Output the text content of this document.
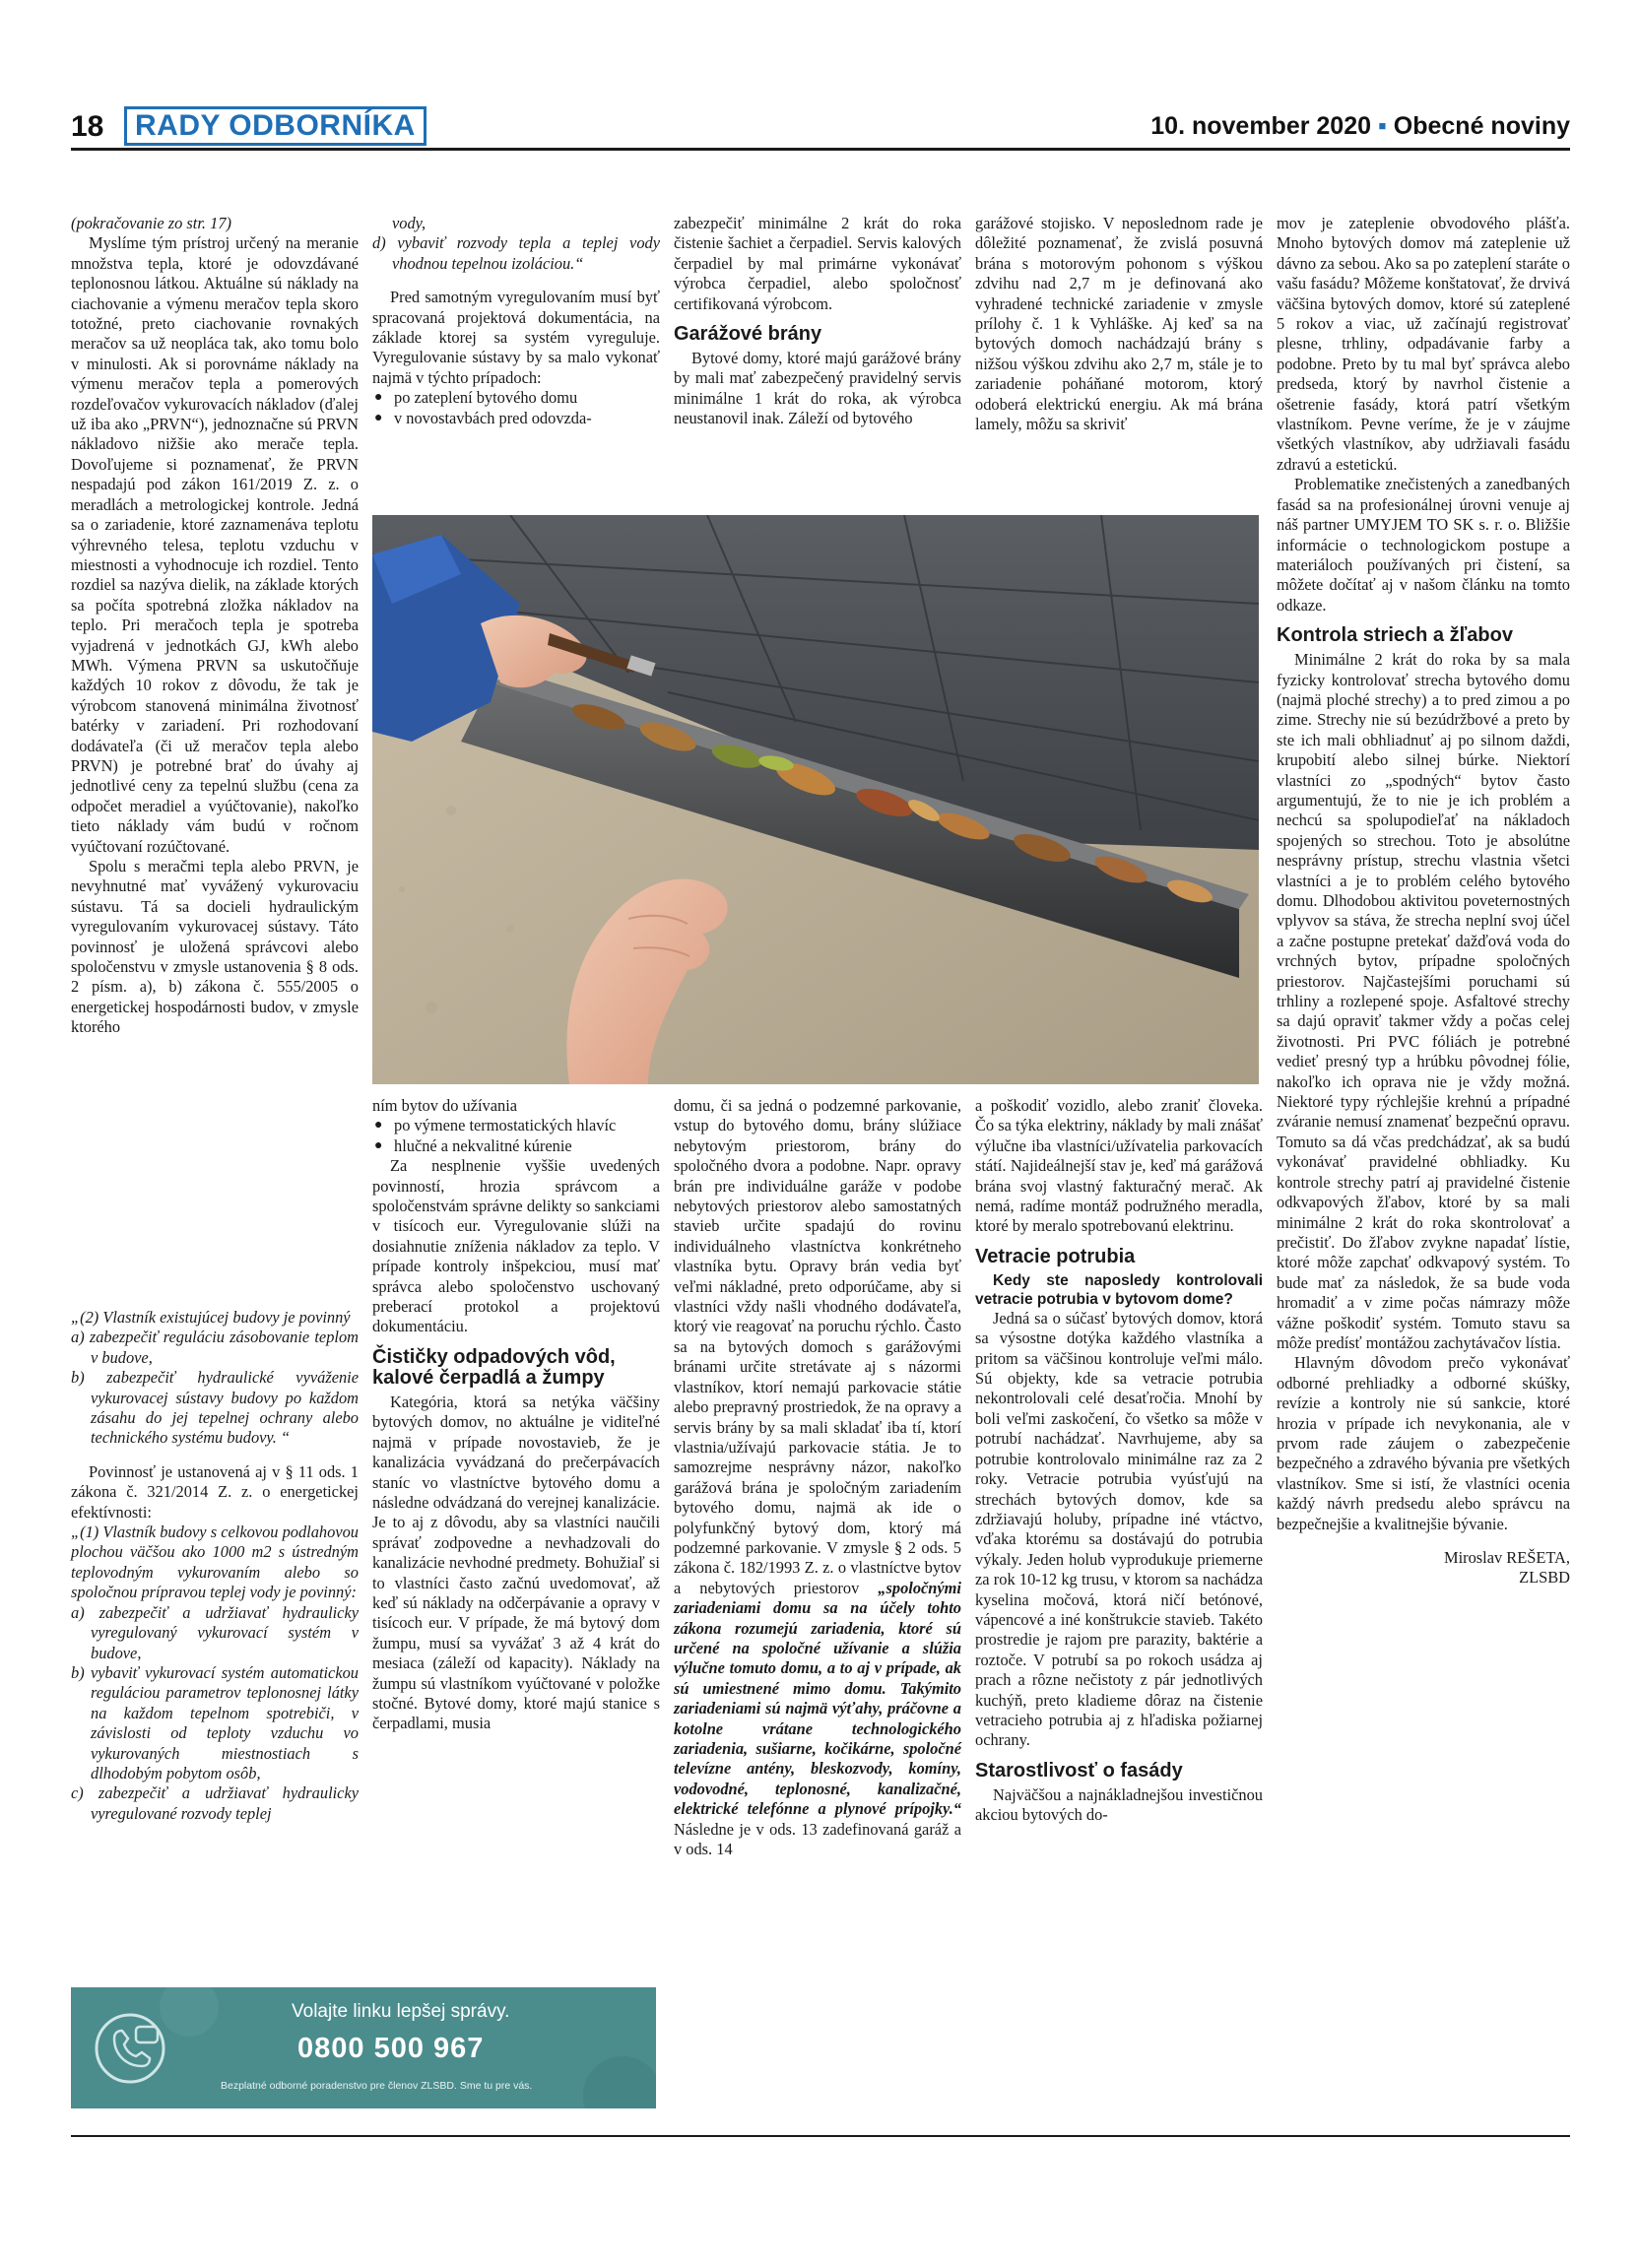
18	RADY ODBORNÍKA	10. november 2020 ▪ Obecné noviny

(pokračovanie zo str. 17)

Myslíme tým prístroj určený na meranie množstva tepla, ktoré je odovzdávané teplonosnou látkou. Aktuálne sú náklady na ciachovanie a výmenu meračov tepla skoro totožné, preto ciachovanie rovnakých meračov sa už neoplácа tak, ako tomu bolo v minulosti. Ak si porovnáme náklady na výmenu meračov tepla a pomerových rozdeľovačov vykurovacích nákladov (ďalej už iba ako „PRVN“), jednoznačne sú PRVN nákladovo nižšie ako merače tepla. Dovoľujeme si poznamenať, že PRVN nespadajú pod zákon 161/2019 Z. z. o meradlách a metrologickej kontrole. Jedná sa o zariadenie, ktoré zaznamenáva teplotu výhrevného telesa, teplotu vzduchu v miestnosti a vyhodnocuje ich rozdiel. Tento rozdiel sa nazýva dielik, na základe ktorých sa počíta spotrebná zložka nákladov na teplo. Pri meračoch tepla je spotreba vyjadrená v jednotkách GJ, kWh alebo MWh. Výmena PRVN sa uskutočňuje každých 10 rokov z dôvodu, že tak je výrobcom stanovená minimálna životnosť batérky v zariadení. Pri rozhodovaní dodávateľa (či už meračov tepla alebo PRVN) je potrebné brať do úvahy aj jednotlivé ceny za tepelnú službu (cena za odpočet meradiel a vyúčtovanie), nakoľko tieto náklady vám budú v ročnom vyúčtovaní rozúčtované.

Spolu s meračmi tepla alebo PRVN, je nevyhnutné mať vyvážený vykurovaciu sústavu. Tá sa docieli hydraulickým vyregulovaním vykurovacej sústavy. Táto povinnosť je uložená správcovi alebo spoločenstvu v zmysle ustanovenia § 8 ods. 2 písm. a), b) zákona č. 555/2005 o energetickej hospodárnosti budov, v zmysle ktorého

„(2) Vlastník existujúcej budovy je povinný

a) zabezpečiť reguláciu zásobovanie teplom v budove,

b) zabezpečiť hydraulické vyváženie vykurovacej sústavy budovy po každom zásahu do jej tepelnej ochrany alebo technického systému budovy. “

Povinnosť je ustanovená aj v § 11 ods. 1 zákona č. 321/2014 Z. z. o energetickej efektívnosti:

„(1) Vlastník budovy s celkovou podlahovou plochou väčšou ako 1000 m2 s ústredným teplovodným vykurovaním alebo so spoločnou prípravou teplej vody je povinný:

a) zabezpečiť a udržiavať hydraulicky vyregulovaný vykurovací systém v budove,

b) vybaviť vykurovací systém automatickou reguláciou parametrov teplonosnej látky na každom tepelnom spotrebiči, v závislosti od teploty vzduchu vo vykurovaných miestnostiach s dlhodobým pobytom osôb,

c) zabezpečiť a udržiavať hydraulicky vyregulované rozvody teplej

vody,

d) vybaviť rozvody tepla a teplej vody vhodnou tepelnou izoláciou.“

Pred samotným vyregulovaním musí byť spracovaná projektová dokumentácia, na základe ktorej sa systém vyreguluje. Vyregulovanie sústavy by sa malo vykonať najmä v týchto prípadoch:

● po zateplení bytového domu
● v novostavbách pred odovzda-

zabezpečiť minimálne 2 krát do roka čistenie šachiet a čerpadiel. Servis kalových čerpadiel by mal primárne vykonávať výrobca čerpadiel, alebo spoločnosť certifikovaná výrobcom.

Garážové brány

Bytové domy, ktoré majú garážové brány by mali mať zabezpečený pravidelný servis minimálne 1 krát do roka, ak výrobca neustanovil inak. Záleží od bytového

garážové stojisko. V neposlednom rade je dôležité poznamenať, že zvislá posuvná brána s motorovým pohonom s výškou zdvihu nad 2,7 m je definovaná ako vyhradené technické zariadenie v zmysle prílohy č. 1 k Vyhláške. Aj keď sa na bytových domoch nachádzajú brány s nižšou výškou zdvihu ako 2,7 m, stále je to zariadenie poháňané motorom, ktorý odoberá elektrickú energiu. Ak má brána lamely, môžu sa skriviť

ním bytov do užívania

● po výmene termostatických hlavíc
● hlučné a nekvalitné kúrenie

Za nesplnenie vyššie uvedených povinností, hrozia správcom a spoločenstvám správne delikty so sankciami v tisícoch eur. Vyregulovanie slúži na dosiahnutie zníženia nákladov za teplo. V prípade kontroly inšpekciou, musí mať správca alebo spoločenstvo uschovaný preberací protokol a projektovú dokumentáciu.

Čističky odpadových vôd, kalové čerpadlá a žumpy

Kategória, ktorá sa netýka väčšiny bytových domov, no aktuálne je viditeľné najmä v prípade novostavieb, že je kanalizácia vyvádzaná do prečerpávacích staníc vo vlastníctve bytového domu a následne odvádzaná do verejnej kanalizácie. Je to aj z dôvodu, aby sa vlastníci naučili správať zodpovedne a nevhadzovali do kanalizácie nevhodné predmety. Bohužiaľ si to vlastníci často začnú uvedomovať, až keď sú náklady na odčerpávanie a opravy v tisícoch eur. V prípade, že má bytový dom žumpu, musí sa vyvážať 3 až 4 krát do mesiaca (záleží od kapacity). Náklady na žumpu sú vlastníkom vyúčtované v položke stočné. Bytové domy, ktoré majú stanice s čerpadlami, musia

domu, či sa jedná o podzemné parkovanie, vstup do bytového domu, brány slúžiace nebytovým priestorom, brány do spoločného dvora a podobne. Napr. opravy brán pre individuálne garáže v podobe nebytových priestorov alebo samostatných stavieb určite spadajú do rovinu individuálneho vlastníctva konkrétneho vlastníka bytu. Opravy brán vedia byť veľmi nákladné, preto odporúčame, aby si vlastníci vždy našli vhodného dodávateľa, ktorý vie reagovať na poruchu rýchlo. Často sa na bytových domoch s garážovými bránami určite stretávate aj s názormi vlastníkov, ktorí nemajú parkovacie státie alebo prepravný prostriedok, že na opravy a servis brány by sa mali skladať iba tí, ktorí vlastnia/užívajú parkovacie státia. Je to samozrejme nesprávny názor, nakoľko garážová brána je spoločným zariadením bytového domu, najmä ak ide o polyfunkčný bytový dom, ktorý má podzemné parkovanie. V zmysle § 2 ods. 5 zákona č. 182/1993 Z. z. o vlastníctve bytov a nebytových priestorov „spoločnými zariadeniami domu sa na účely tohto zákona rozumejú zariadenia, ktoré sú určené na spoločné užívanie a slúžia výlučne tomuto domu, a to aj v prípade, ak sú umiestnené mimo domu. Takýmito zariadeniami sú najmä výťahy, práčovne a kotolne vrátane technologického zariadenia, sušiarne, kočikárne, spoločné televízne antény, bleskozvody, komíny, vodovodné, teplonosné, kanalizačné, elektrické telefónne a plynové prípojky.“ Následne je v ods. 13 zadefinovaná garáž a v ods. 14

a poškodiť vozidlo, alebo zraniť človeka. Čo sa týka elektriny, náklady by mali znášať výlučne iba vlastníci/užívatelia parkovacích státí. Najideálnejší stav je, keď má garážová brána svoj vlastný fakturačný merač. Ak nemá, radíme montáž podružného meradla, ktoré by meralo spotrebovanú elektrinu.

Vetracie potrubia

Kedy ste naposledy kontrolovali vetracie potrubia v bytovom dome?

Jedná sa o súčasť bytových domov, ktorá sa výsostne dotýka každého vlastníka a pritom sa väčšinou kontroluje veľmi málo. Sú objekty, kde sa vetracie potrubia nekontrolovali celé desaťročia. Mnohí by boli veľmi zaskočení, čo všetko sa môže v potrubí nachádzať. Navrhujeme, aby sa potrubie kontrolovalo minimálne raz za 2 roky. Vetracie potrubia vyúsťujú na strechách bytových domov, kde sa zdržiavajú holuby, prípadne iné vtáctvo, vďaka ktorému sa dostávajú do potrubia výkaly. Jeden holub vyprodukuje priemerne za rok 10-12 kg trusu, v ktorom sa nachádza kyselina močová, ktorá ničí betónové, vápencové a iné konštrukcie stavieb. Takéto prostredie je rajom pre parazity, baktérie a roztoče. V potrubí sa po rokoch usádza aj prach a rôzne nečistoty z pár jednotlivých kuchýň, preto kladieme dôraz na čistenie vetracieho potrubia aj z hľadiska požiarnej ochrany.

Starostlivosť o fasády

Najväčšou a najnákladnejšou investičnou akciou bytových do-

mov je zateplenie obvodového plášťa. Mnoho bytových domov má zateplenie už dávno za sebou. Ako sa po zateplení staráte o vašu fasádu? Môžeme konštatovať, že drvivá väčšina bytových domov, ktoré sú zateplené 5 rokov a viac, už začínajú registrovať plesne, trhliny, odpadávanie farby a podobne. Preto by tu mal byť správca alebo predseda, ktorý by navrhol čistenie a ošetrenie fasády, ktorá patrí všetkým vlastníkom. Pevne veríme, že je v záujme všetkých vlastníkov, aby udržiavali fasádu zdravú a estetickú.

Problematike znečistených a zanedbaných fasád sa na profesionálnej úrovni venuje aj náš partner UMYJEM TO SK s. r. o. Bližšie informácie o technologickom postupe a materiáloch používaných pri čistení, sa môžete dočítať aj v našom článku na tomto odkaze.

Kontrola striech a žľabov

Minimálne 2 krát do roka by sa mala fyzicky kontrolovať strecha bytového domu (najmä ploché strechy) a to pred zimou a po zime. Strechy nie sú bezúdržbové a preto by ste ich mali obhliadnuť aj po silnom daždi, krupobití alebo silnej búrke. Niektorí vlastníci zo „spodných“ bytov často argumentujú, že to nie je ich problém a nechcú sa spolupodieľať na nákladoch spojených so strechou. Toto je absolútne nesprávny prístup, strechu vlastnia všetci vlastníci a je to problém celého bytového domu. Dlhodobou aktivitou poveternostných vplyvov sa stáva, že strecha neplní svoj účel a začne postupne pretekať dažďová voda do vrchných bytov, prípadne spoločných priestorov. Najčastejšími poruchami sú trhliny a rozlepené spoje. Asfaltové strechy sa dajú opraviť takmer vždy a počas celej životnosti. Pri PVC fóliách je potrebné vedieť presný typ a hrúbku pôvodnej fólie, nakoľko ich oprava nie je vždy možná. Niektoré typy rýchlejšie krehnú a prípadné zváranie nemusí znamenať bezpečnú opravu. Tomuto sa dá včas predchádzať, ak sa budú vykonávať pravidelné obhliadky. Ku kontrole strechy patrí aj pravidelné čistenie odkvapových žľabov, ktoré by sa mali minimálne 2 krát do roka skontrolovať a prečistiť. Do žľabov zvykne napadať lístie, ktoré môže zapchať odkvapový systém. To bude mať za následok, že sa bude voda hromadiť a v zime počas námrazy môže vážne poškodiť systém. Tomuto stavu sa môže predísť montážou zachytávačov lístia.

Hlavným dôvodom prečo vykonávať odborné prehliadky a odborné skúšky, revízie a kontroly nie sú sankcie, ktoré hrozia v prípade ich nevykonania, ale v prvom rade záujem o zabezpečenie bezpečného a zdravého bývania pre všetkých vlastníkov. Sme si istí, že vlastníci ocenia každý návrh predsedu alebo správcu na bezpečnejšie a kvalitnejšie bývanie.

Miroslav REŠETA,

ZLSBD

Volajte linku lepšej správy.
0800 500 967
Bezplatné odborné poradenstvo pre členov ZLSBD. Sme tu pre vás.
